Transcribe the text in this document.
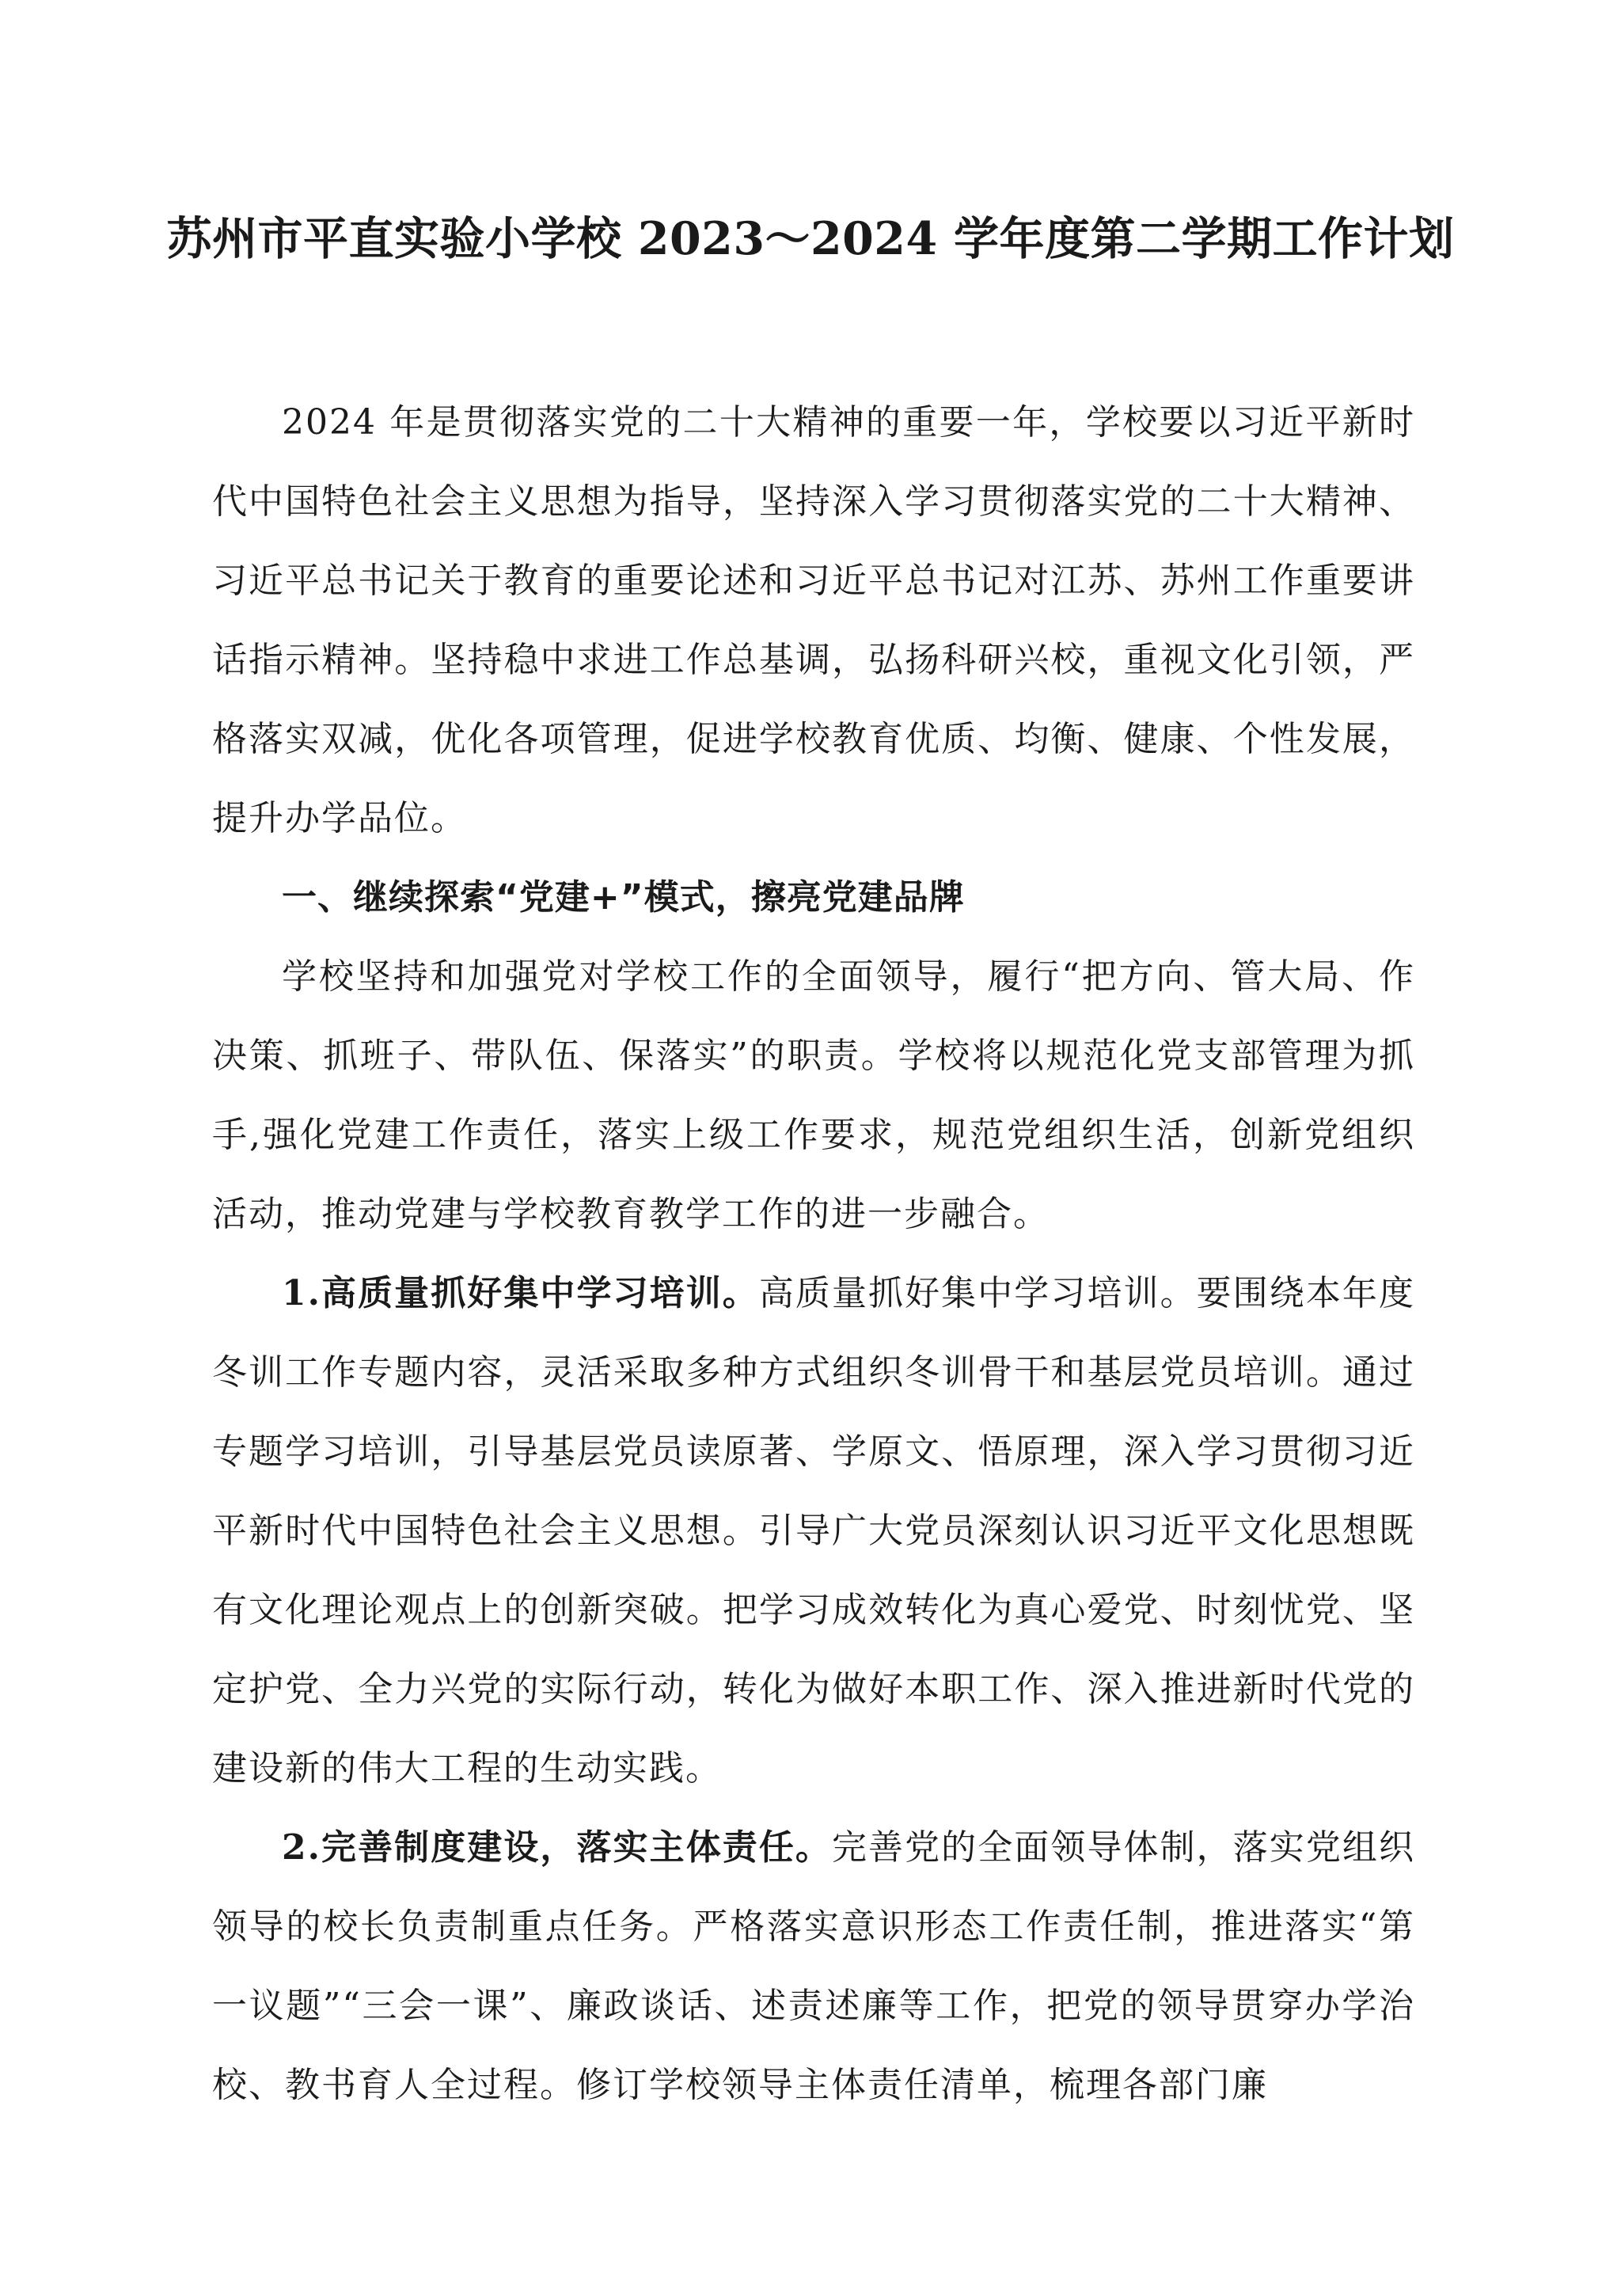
苏州市平直实验小学校 2023～2024 学年度第二学期工作计划

2024 年是贯彻落实党的二十大精神的重要一年，学校要以习近平新时代中国特色社会主义思想为指导，坚持深入学习贯彻落实党的二十大精神、习近平总书记关于教育的重要论述和习近平总书记对江苏、苏州工作重要讲话指示精神。坚持稳中求进工作总基调，弘扬科研兴校，重视文化引领，严格落实双减，优化各项管理，促进学校教育优质、均衡、健康、个性发展，提升办学品位。

一、继续探索“党建+”模式，擦亮党建品牌

学校坚持和加强党对学校工作的全面领导，履行“把方向、管大局、作决策、抓班子、带队伍、保落实”的职责。学校将以规范化党支部管理为抓手,强化党建工作责任，落实上级工作要求，规范党组织生活，创新党组织活动，推动党建与学校教育教学工作的进一步融合。

1.高质量抓好集中学习培训。高质量抓好集中学习培训。要围绕本年度冬训工作专题内容，灵活采取多种方式组织冬训骨干和基层党员培训。通过专题学习培训，引导基层党员读原著、学原文、悟原理，深入学习贯彻习近平新时代中国特色社会主义思想。引导广大党员深刻认识习近平文化思想既有文化理论观点上的创新突破。把学习成效转化为真心爱党、时刻忧党、坚定护党、全力兴党的实际行动，转化为做好本职工作、深入推进新时代党的建设新的伟大工程的生动实践。

2.完善制度建设，落实主体责任。完善党的全面领导体制，落实党组织领导的校长负责制重点任务。严格落实意识形态工作责任制，推进落实“第一议题”“三会一课”、廉政谈话、述责述廉等工作，把党的领导贯穿办学治校、教书育人全过程。修订学校领导主体责任清单，梳理各部门廉
